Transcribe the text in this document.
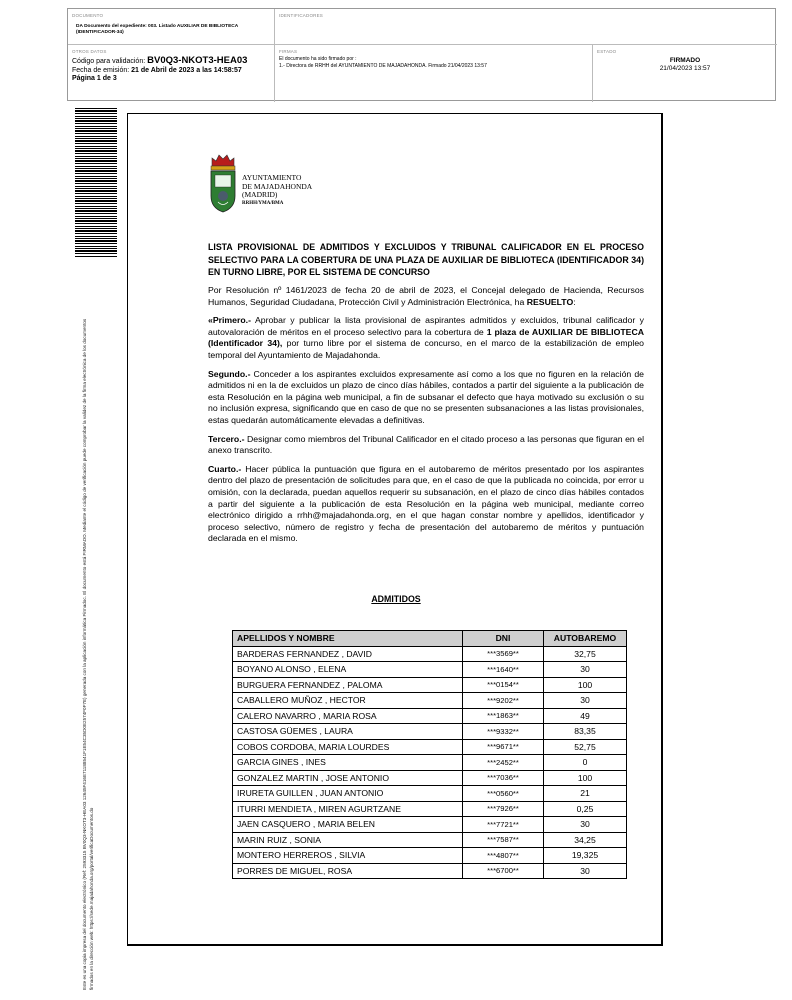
DOCUMENTO
DA Documento del expediente: 003. Listado AUXILIAR DE BIBLIOTECA (IDENTIFICADOR-34)
IDENTIFICADORES
OTROS DATOS
Código para validación: BV0Q3-NKOT3-HEA03
Fecha de emisión: 21 de Abril de 2023 a las 14:58:57
Página 1 de 3
FIRMAS
El documento ha sido firmado por :
1.- Directora de RRHH del AYUNTAMIENTO DE MAJADAHONDA. Firmado 21/04/2023 13:57
ESTADO
FIRMADO
21/04/2023 13:57
Este es una copia impresa del documento electrónico (Ref: 2593315 BV0Q3-NKOT3-HEA03 12645F416E71188541F1E54C35D0E2574F0F7E) generada con la aplicación informática Firmadoc. El documento está FIRMADO. Mediante el código de verificación puede comprobar la validez de la firma electrónica de los documentos firmados en la dirección web: https://sede.majadahonda.org/portal/verificaDocumentos.do
AYUNTAMIENTO
DE MAJADAHONDA
(MADRID)
RRHH/YMA/BMA
LISTA PROVISIONAL DE ADMITIDOS Y EXCLUIDOS Y TRIBUNAL CALIFICADOR EN EL PROCESO SELECTIVO PARA LA COBERTURA DE UNA PLAZA DE AUXILIAR DE BIBLIOTECA (IDENTIFICADOR 34) EN TURNO LIBRE, POR EL SISTEMA DE CONCURSO

Por Resolución nº 1461/2023 de fecha 20 de abril de 2023, el Concejal delegado de Hacienda, Recursos Humanos, Seguridad Ciudadana, Protección Civil y Administración Electrónica, ha RESUELTO:

«Primero.- Aprobar y publicar la lista provisional de aspirantes admitidos y excluidos, tribunal calificador y autovaloración de méritos en el proceso selectivo para la cobertura de 1 plaza de AUXILIAR DE BIBLIOTECA (Identificador 34), por turno libre por el sistema de concurso, en el marco de la estabilización de empleo temporal del Ayuntamiento de Majadahonda.

Segundo.- Conceder a los aspirantes excluidos expresamente así como a los que no figuren en la relación de admitidos ni en la de excluidos un plazo de cinco días hábiles, contados a partir del siguiente a la publicación de esta Resolución en la página web municipal, a fin de subsanar el defecto que haya motivado su exclusión o su no inclusión expresa, significando que en caso de que no se presenten subsanaciones a las listas provisionales, estas quedarán automáticamente elevadas a definitivas.

Tercero.- Designar como miembros del Tribunal Calificador en el citado proceso a las personas que figuran en el anexo transcrito.

Cuarto.- Hacer pública la puntuación que figura en el autobaremo de méritos presentado por los aspirantes dentro del plazo de presentación de solicitudes para que, en el caso de que la publicada no coincida, por error u omisión, con la declarada, puedan aquellos requerir su subsanación, en el plazo de cinco días hábiles contados a partir del siguiente a la publicación de esta Resolución en la página web municipal, mediante correo electrónico dirigido a rrhh@majadahonda.org, en el que hagan constar nombre y apellidos, identificador y proceso selectivo, número de registro y fecha de presentación del autobaremo de méritos y puntuación declarada en el mismo.

ADMITIDOS
APELLIDOS Y NOMBRE	DNI	AUTOBAREMO
BARDERAS FERNANDEZ , DAVID	***3569**	32,75
BOYANO ALONSO , ELENA	***1640**	30
BURGUERA FERNANDEZ , PALOMA	***0154**	100
CABALLERO MUÑOZ , HECTOR	***9202**	30
CALERO NAVARRO , MARIA ROSA	***1863**	49
CASTOSA GÜEMES , LAURA	***9332**	83,35
COBOS CORDOBA, MARIA LOURDES	***9671**	52,75
GARCIA GINES , INES	***2452**	0
GONZALEZ MARTIN , JOSE ANTONIO	***7036**	100
IRURETA GUILLEN , JUAN ANTONIO	***0560**	21
ITURRI MENDIETA , MIREN AGURTZANE	***7926**	0,25
JAEN CASQUERO , MARIA BELEN	***7721**	30
MARIN RUIZ , SONIA	***7587**	34,25
MONTERO HERREROS , SILVIA	***4807**	19,325
PORRES DE MIGUEL, ROSA	***6700**	30
